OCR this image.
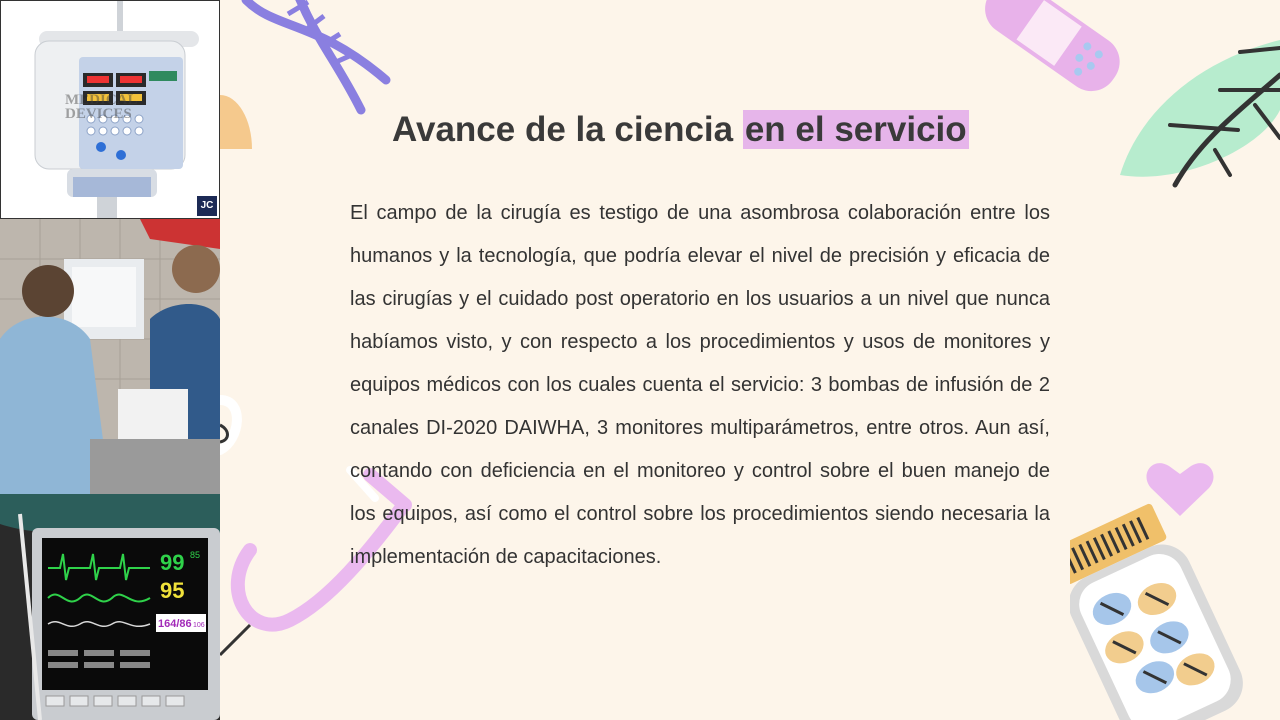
MEDICAL
DEVICES
JC
99
95
85
164/86 106
Avance de la ciencia en el servicio

El campo de la cirugía es testigo de una asombrosa colaboración entre los humanos y la tecnología, que podría elevar el nivel de precisión y eficacia de las cirugías y el cuidado post operatorio en los usuarios a un nivel que nunca habíamos visto, y con respecto a los procedimientos y usos de monitores y equipos médicos con los cuales cuenta el servicio: 3 bombas de infusión de 2 canales DI-2020 DAIWHA, 3 monitores multiparámetros, entre otros. Aun así, contando con deficiencia en el monitoreo y control sobre el buen manejo de los equipos, así como el control sobre los procedimientos siendo necesaria la implementación de capacitaciones.
